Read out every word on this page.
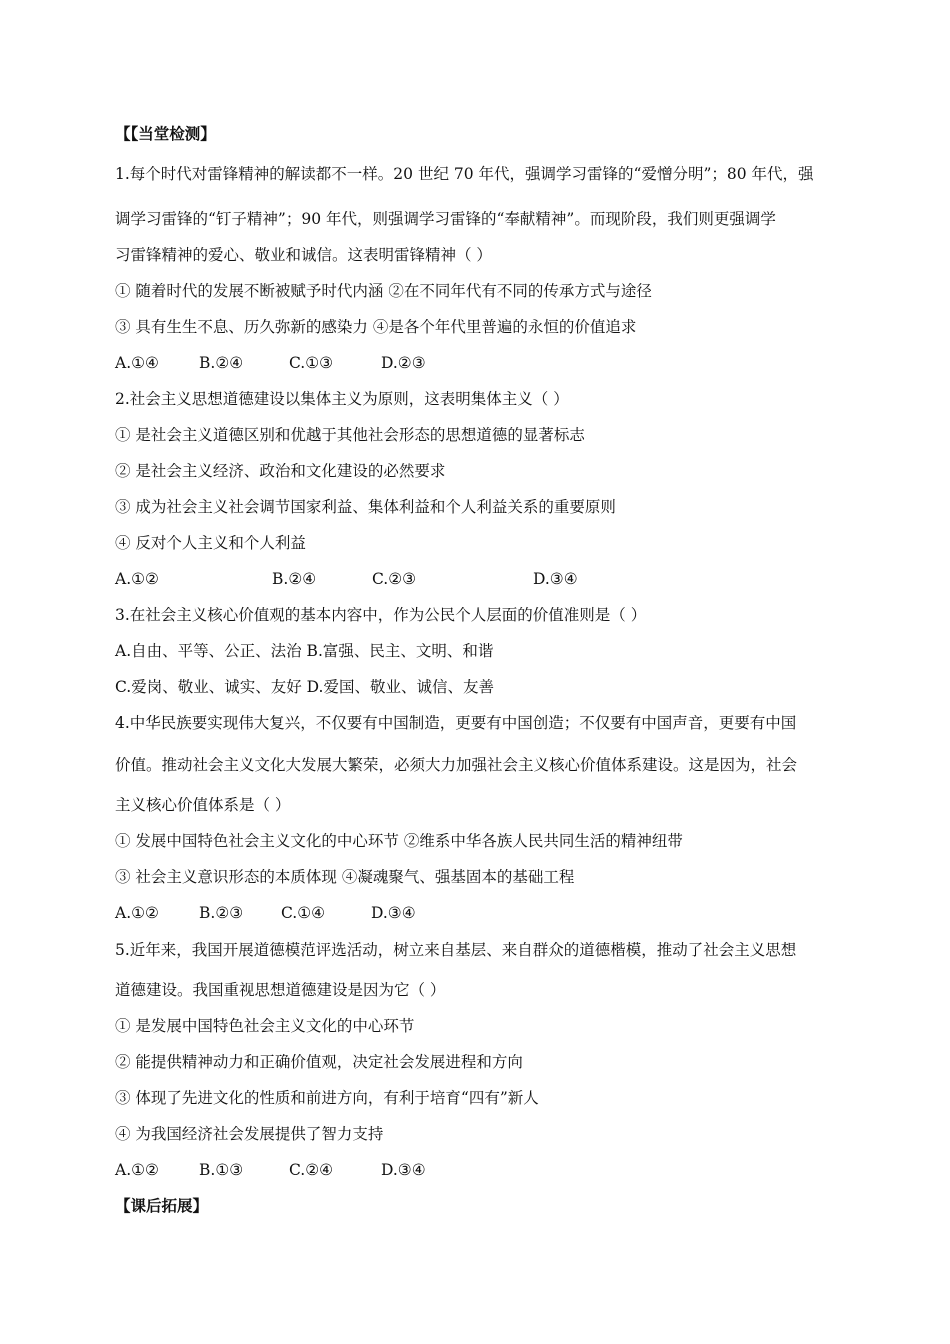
【【当堂检测】
1.每个时代对雷锋精神的解读都不一样。20 世纪 70 年代，强调学习雷锋的“爱憎分明”；80 年代，强
调学习雷锋的“钉子精神”；90 年代，则强调学习雷锋的“奉献精神”。而现阶段，我们则更强调学
习雷锋精神的爱心、敬业和诚信。这表明雷锋精神（ ）
① 随着时代的发展不断被赋予时代内涵 ②在不同年代有不同的传承方式与途径
③ 具有生生不息、历久弥新的感染力 ④是各个年代里普遍的永恒的价值追求
A.①④	B.②④	C.①③	D.②③
2.社会主义思想道德建设以集体主义为原则，这表明集体主义（ ）
① 是社会主义道德区别和优越于其他社会形态的思想道德的显著标志
② 是社会主义经济、政治和文化建设的必然要求
③ 成为社会主义社会调节国家利益、集体利益和个人利益关系的重要原则
④ 反对个人主义和个人利益
A.①②	B.②④	C.②③	D.③④
3.在社会主义核心价值观的基本内容中，作为公民个人层面的价值准则是（ ）
A.自由、平等、公正、法治 B.富强、民主、文明、和谐
C.爱岗、敬业、诚实、友好 D.爱国、敬业、诚信、友善
4.中华民族要实现伟大复兴，不仅要有中国制造，更要有中国创造；不仅要有中国声音，更要有中国
价值。推动社会主义文化大发展大繁荣，必须大力加强社会主义核心价值体系建设。这是因为，社会
主义核心价值体系是（ ）
① 发展中国特色社会主义文化的中心环节 ②维系中华各族人民共同生活的精神纽带
③ 社会主义意识形态的本质体现 ④凝魂聚气、强基固本的基础工程
A.①②	B.②③ C.①④	D.③④
5.近年来，我国开展道德模范评选活动，树立来自基层、来自群众的道德楷模，推动了社会主义思想
道德建设。我国重视思想道德建设是因为它（ ）
① 是发展中国特色社会主义文化的中心环节
② 能提供精神动力和正确价值观，决定社会发展进程和方向
③ 体现了先进文化的性质和前进方向，有利于培育“四有”新人
④ 为我国经济社会发展提供了智力支持
A.①②	B.①③	C.②④	D.③④
【课后拓展】
